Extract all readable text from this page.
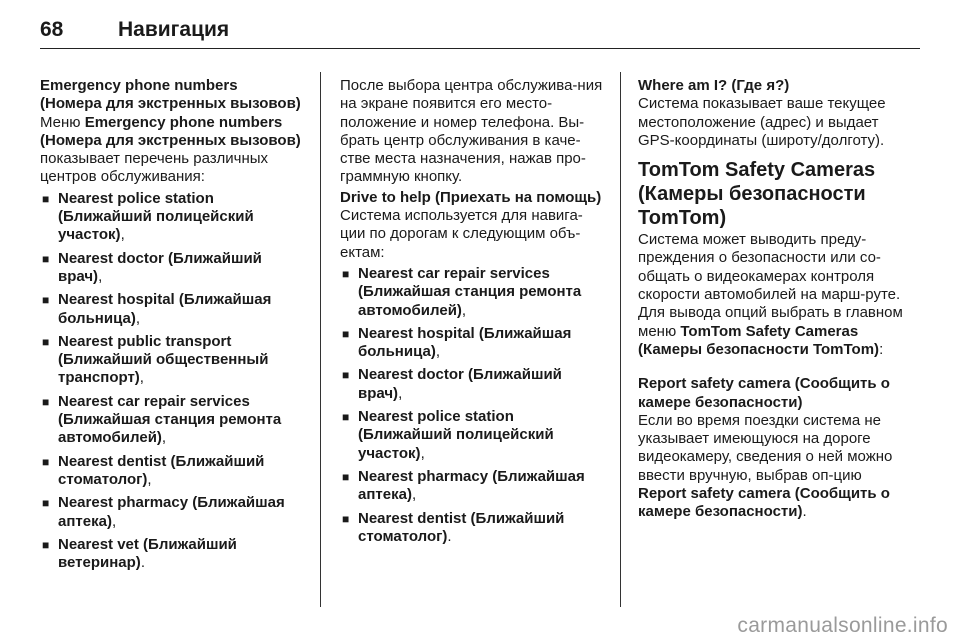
68	Навигация

Emergency phone numbers (Номера для экстренных вызовов)

Меню Emergency phone numbers (Номера для экстренных вызовов) показывает перечень различных центров обслуживания:

■ Nearest police station (Ближайший полицейский участок),
■ Nearest doctor (Ближайший врач),
■ Nearest hospital (Ближайшая больница),
■ Nearest public transport (Ближайший общественный транспорт),
■ Nearest car repair services (Ближайшая станция ремонта автомобилей),
■ Nearest dentist (Ближайший стоматолог),
■ Nearest pharmacy (Ближайшая аптека),
■ Nearest vet (Ближайший ветеринар).

После выбора центра обслужива-ния на экране появится его место-положение и номер телефона. Вы-брать центр обслуживания в каче-стве места назначения, нажав про-граммную кнопку.

Drive to help (Приехать на помощь)

Система используется для навига-ции по дорогам к следующим объ-ектам:

■ Nearest car repair services (Ближайшая станция ремонта автомобилей),
■ Nearest hospital (Ближайшая больница),
■ Nearest doctor (Ближайший врач),
■ Nearest police station (Ближайший полицейский участок),
■ Nearest pharmacy (Ближайшая аптека),
■ Nearest dentist (Ближайший стоматолог).

Where am I? (Где я?)

Система показывает ваше текущее местоположение (адрес) и выдает GPS-координаты (широту/долготу).

TomTom Safety Cameras (Камеры безопасности TomTom)

Система может выводить преду-преждения о безопасности или со-общать о видеокамерах контроля скорости автомобилей на марш-руте. Для вывода опций выбрать в главном меню TomTom Safety Cameras (Камеры безопасности TomTom):

Report safety camera (Сообщить о камере безопасности)

Если во время поездки система не указывает имеющуюся на дороге видеокамеру, сведения о ней можно ввести вручную, выбрав оп-цию Report safety camera (Сообщить о камере безопасности).

carmanualsonline.info
